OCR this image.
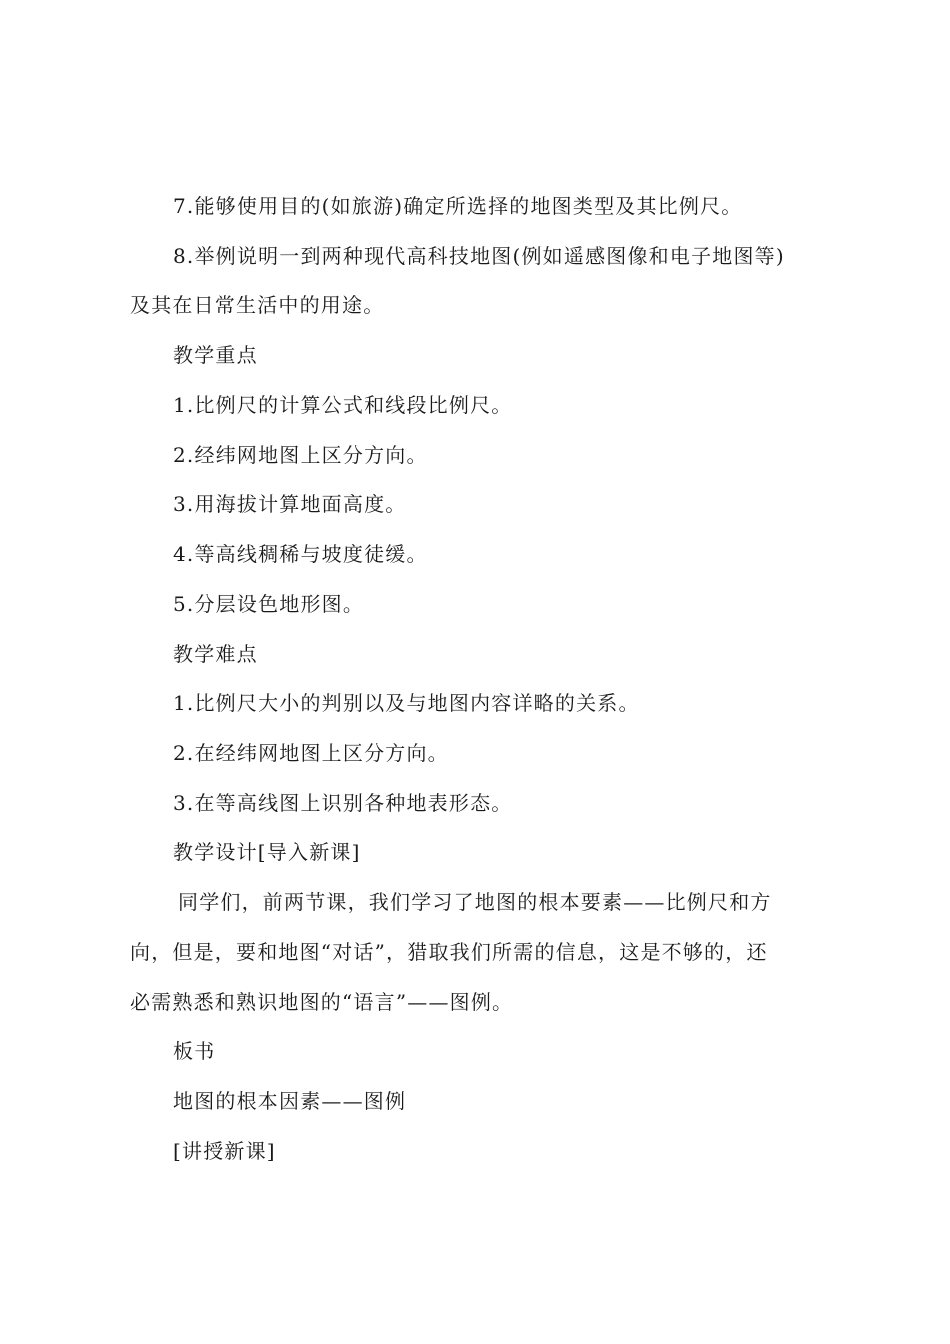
7.能够使用目的(如旅游)确定所选择的地图类型及其比例尺。
8.举例说明一到两种现代高科技地图(例如遥感图像和电子地图等)
及其在日常生活中的用途。
教学重点
1.比例尺的计算公式和线段比例尺。
2.经纬网地图上区分方向。
3.用海拔计算地面高度。
4.等高线稠稀与坡度徒缓。
5.分层设色地形图。
教学难点
1.比例尺大小的判别以及与地图内容详略的关系。
2.在经纬网地图上区分方向。
3.在等高线图上识别各种地表形态。
教学设计[导入新课]
同学们，前两节课，我们学习了地图的根本要素——比例尺和方
向，但是，要和地图“对话”，猎取我们所需的信息，这是不够的，还
必需熟悉和熟识地图的“语言”——图例。
板书
地图的根本因素——图例
[讲授新课]
